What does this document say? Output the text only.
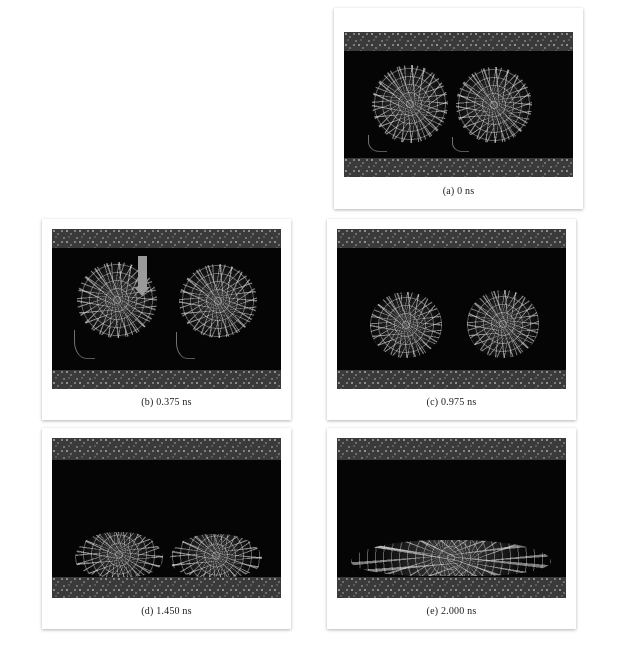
(a) 0 ns
(b) 0.375 ns	(c) 0.975 ns
(d) 1.450 ns	(e) 2.000 ns
